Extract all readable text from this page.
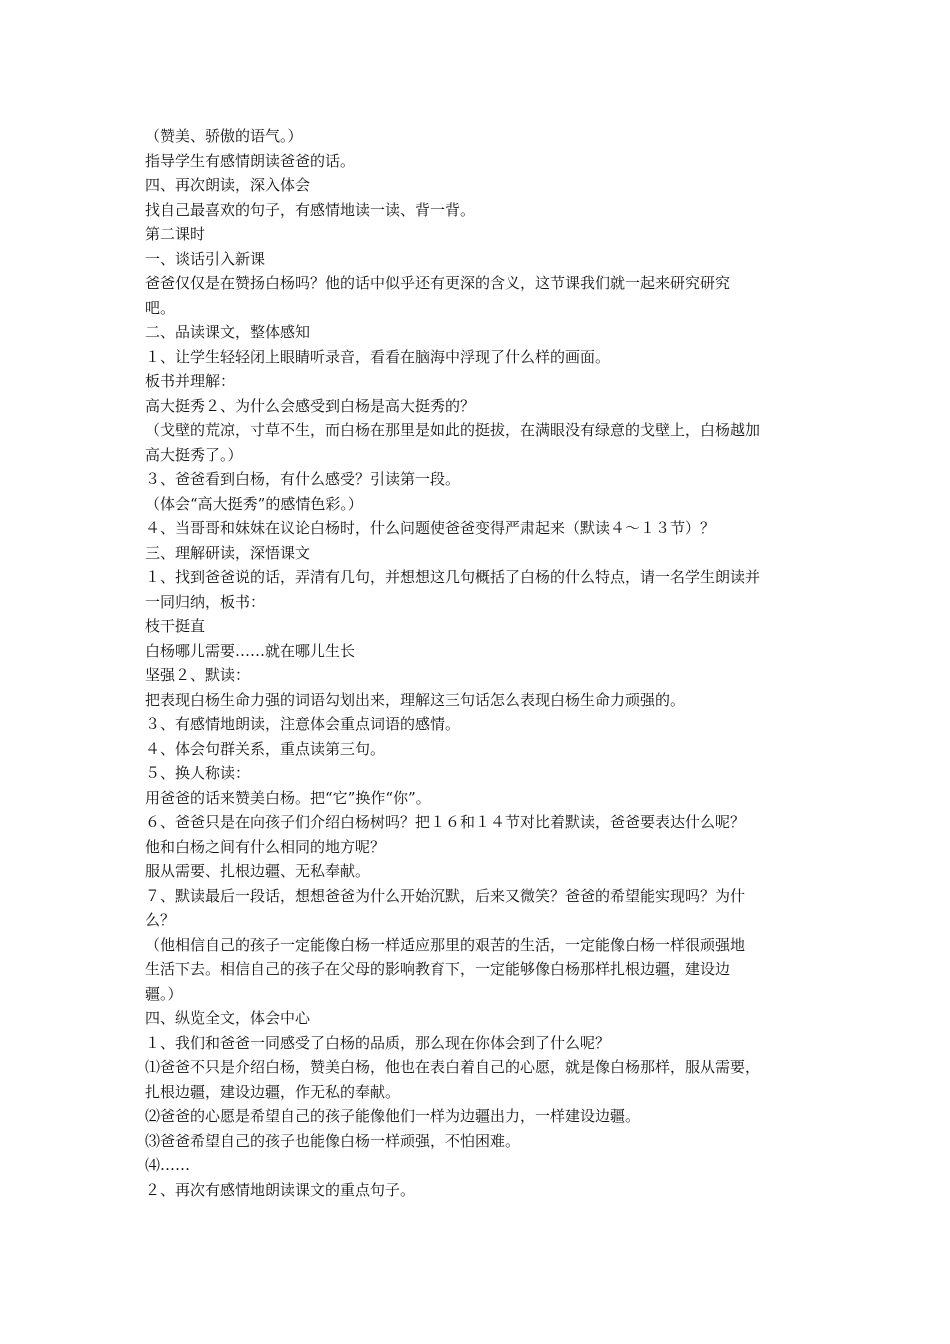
（赞美、骄傲的语气。）
指导学生有感情朗读爸爸的话。
四、再次朗读，深入体会
找自己最喜欢的句子，有感情地读一读、背一背。
第二课时
一、谈话引入新课
爸爸仅仅是在赞扬白杨吗？他的话中似乎还有更深的含义，这节课我们就一起来研究研究
吧。
二、品读课文，整体感知
１、让学生轻轻闭上眼睛听录音，看看在脑海中浮现了什么样的画面。
板书并理解：
高大挺秀２、为什么会感受到白杨是高大挺秀的？
（戈壁的荒凉，寸草不生，而白杨在那里是如此的挺拔，在满眼没有绿意的戈壁上，白杨越加
高大挺秀了。）
３、爸爸看到白杨，有什么感受？引读第一段。
（体会“高大挺秀”的感情色彩。）
４、当哥哥和妹妹在议论白杨时，什么问题使爸爸变得严肃起来（默读４～１３节）？
三、理解研读，深悟课文
１、找到爸爸说的话，弄清有几句，并想想这几句概括了白杨的什么特点，请一名学生朗读并
一同归纳，板书：
枝干挺直
白杨哪儿需要……就在哪儿生长
坚强２、默读：
把表现白杨生命力强的词语勾划出来，理解这三句话怎么表现白杨生命力顽强的。
３、有感情地朗读，注意体会重点词语的感情。
４、体会句群关系，重点读第三句。
５、换人称读：
用爸爸的话来赞美白杨。把“它”换作“你”。
６、爸爸只是在向孩子们介绍白杨树吗？把１６和１４节对比着默读，爸爸要表达什么呢？
他和白杨之间有什么相同的地方呢？
服从需要、扎根边疆、无私奉献。
７、默读最后一段话，想想爸爸为什么开始沉默，后来又微笑？爸爸的希望能实现吗？为什
么？
（他相信自己的孩子一定能像白杨一样适应那里的艰苦的生活，一定能像白杨一样很顽强地
生活下去。相信自己的孩子在父母的影响教育下，一定能够像白杨那样扎根边疆，建设边
疆。）
四、纵览全文，体会中心
１、我们和爸爸一同感受了白杨的品质，那么现在你体会到了什么呢？
⑴爸爸不只是介绍白杨，赞美白杨，他也在表白着自己的心愿，就是像白杨那样，服从需要，
扎根边疆，建设边疆，作无私的奉献。
⑵爸爸的心愿是希望自己的孩子能像他们一样为边疆出力，一样建设边疆。
⑶爸爸希望自己的孩子也能像白杨一样顽强，不怕困难。
⑷……
２、再次有感情地朗读课文的重点句子。
